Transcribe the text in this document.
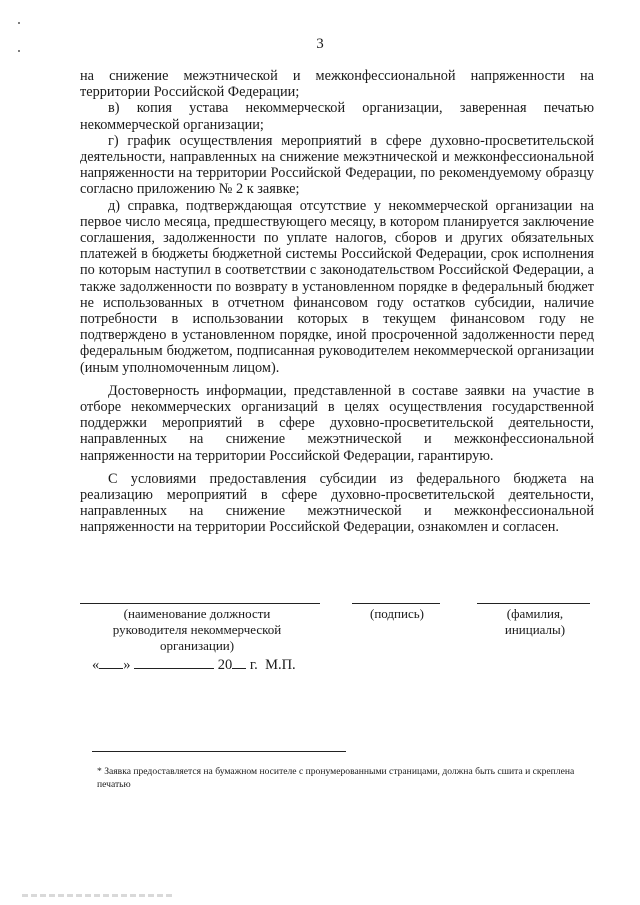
3

на снижение межэтнической и межконфессиональной напряженности на территории Российской Федерации;

в) копия устава некоммерческой организации, заверенная печатью некоммерческой организации;

г) график осуществления мероприятий в сфере духовно-просветительской деятельности, направленных на снижение межэтнической и межконфессиональной напряженности на территории Российской Федерации, по рекомендуемому образцу согласно приложению № 2 к заявке;

д) справка, подтверждающая отсутствие у некоммерческой организации на первое число месяца, предшествующего месяцу, в котором планируется заключение соглашения, задолженности по уплате налогов, сборов и других обязательных платежей в бюджеты бюджетной системы Российской Федерации, срок исполнения по которым наступил в соответствии с законодательством Российской Федерации, а также задолженности по возврату в установленном порядке в федеральный бюджет не использованных в отчетном финансовом году остатков субсидии, наличие потребности в использовании которых в текущем финансовом году не подтверждено в установленном порядке, иной просроченной задолженности перед федеральным бюджетом, подписанная руководителем некоммерческой организации (иным уполномоченным лицом).

Достоверность информации, представленной в составе заявки на участие в отборе некоммерческих организаций в целях осуществления государственной поддержки мероприятий в сфере духовно-просветительской деятельности, направленных на снижение межэтнической и межконфессиональной напряженности на территории Российской Федерации, гарантирую.

С условиями предоставления субсидии из федерального бюджета на реализацию мероприятий в сфере духовно-просветительской деятельности, направленных на снижение межэтнической и межконфессиональной напряженности на территории Российской Федерации, ознакомлен и согласен.

(наименование должности руководителя некоммерческой организации)
(подпись)	(фамилия, инициалы)
« »	20 г. М.П.
* Заявка предоставляется на бумажном носителе с пронумерованными страницами, должна быть сшита и скреплена печатью
